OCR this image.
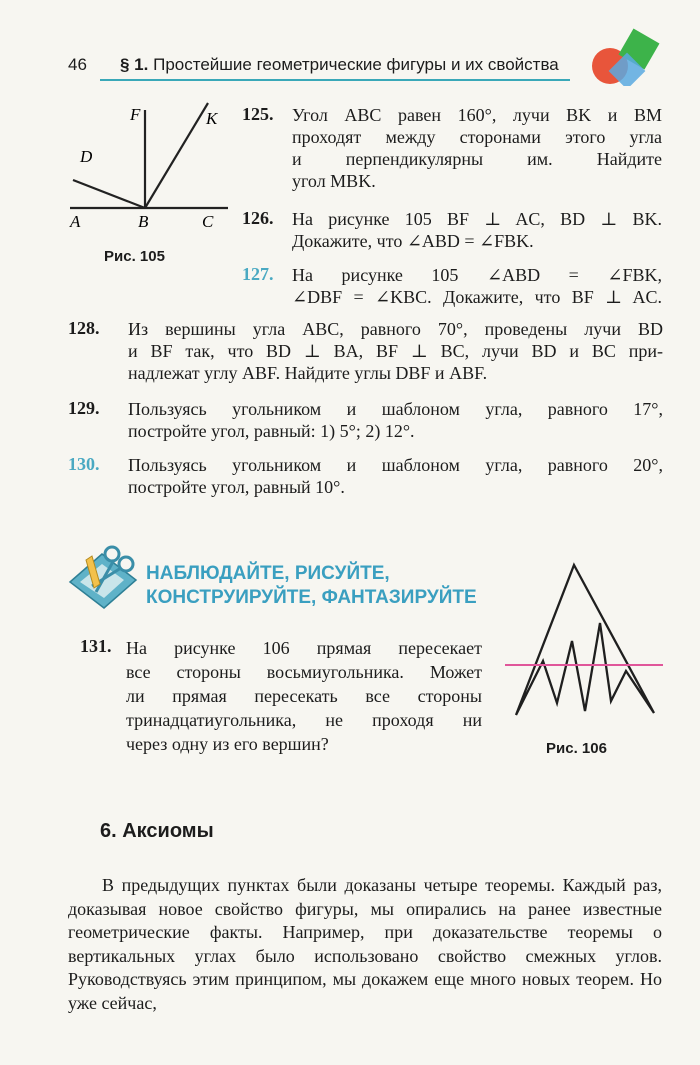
46 § 1. Простейшие геометрические фигуры и их свойства
F	K
D
A	B	C
Рис. 105
125. Угол ABC равен 160°, лучи BK и BM
проходят между сторонами этого угла
и перпендикулярны им. Найдите
угол MBK.
126. На рисунке 105 BF ⊥ AC, BD ⊥ BK.
Докажите, что ∠ABD = ∠FBK.
127. На рисунке 105 ∠ABD = ∠FBK,
∠DBF = ∠KBC. Докажите, что BF ⊥ AC.
128. Из вершины угла ABC, равного 70°, проведены лучи BD
и BF так, что BD ⊥ BA, BF ⊥ BC, лучи BD и BC при-
надлежат углу ABF. Найдите углы DBF и ABF.
129. Пользуясь угольником и шаблоном угла, равного 17°,
постройте угол, равный: 1) 5°; 2) 12°.
130. Пользуясь угольником и шаблоном угла, равного 20°,
постройте угол, равный 10°.
НАБЛЮДАЙТЕ, РИСУЙТЕ,
КОНСТРУИРУЙТЕ, ФАНТАЗИРУЙТЕ
Рис. 106
131. На рисунке 106 прямая пересекает
все стороны восьмиугольника. Может
ли прямая пересекать все стороны
тринадцатиугольника, не проходя ни
через одну из его вершин?
6. Аксиомы
В предыдущих пунктах были доказаны четыре теоремы. Каждый раз, доказывая новое свойство фигуры, мы опирались на ранее известные геометрические факты. Например, при доказательстве теоремы о вертикальных углах было использовано свойство смежных углов. Руководствуясь этим принципом, мы докажем еще много новых теорем. Но уже сейчас,
